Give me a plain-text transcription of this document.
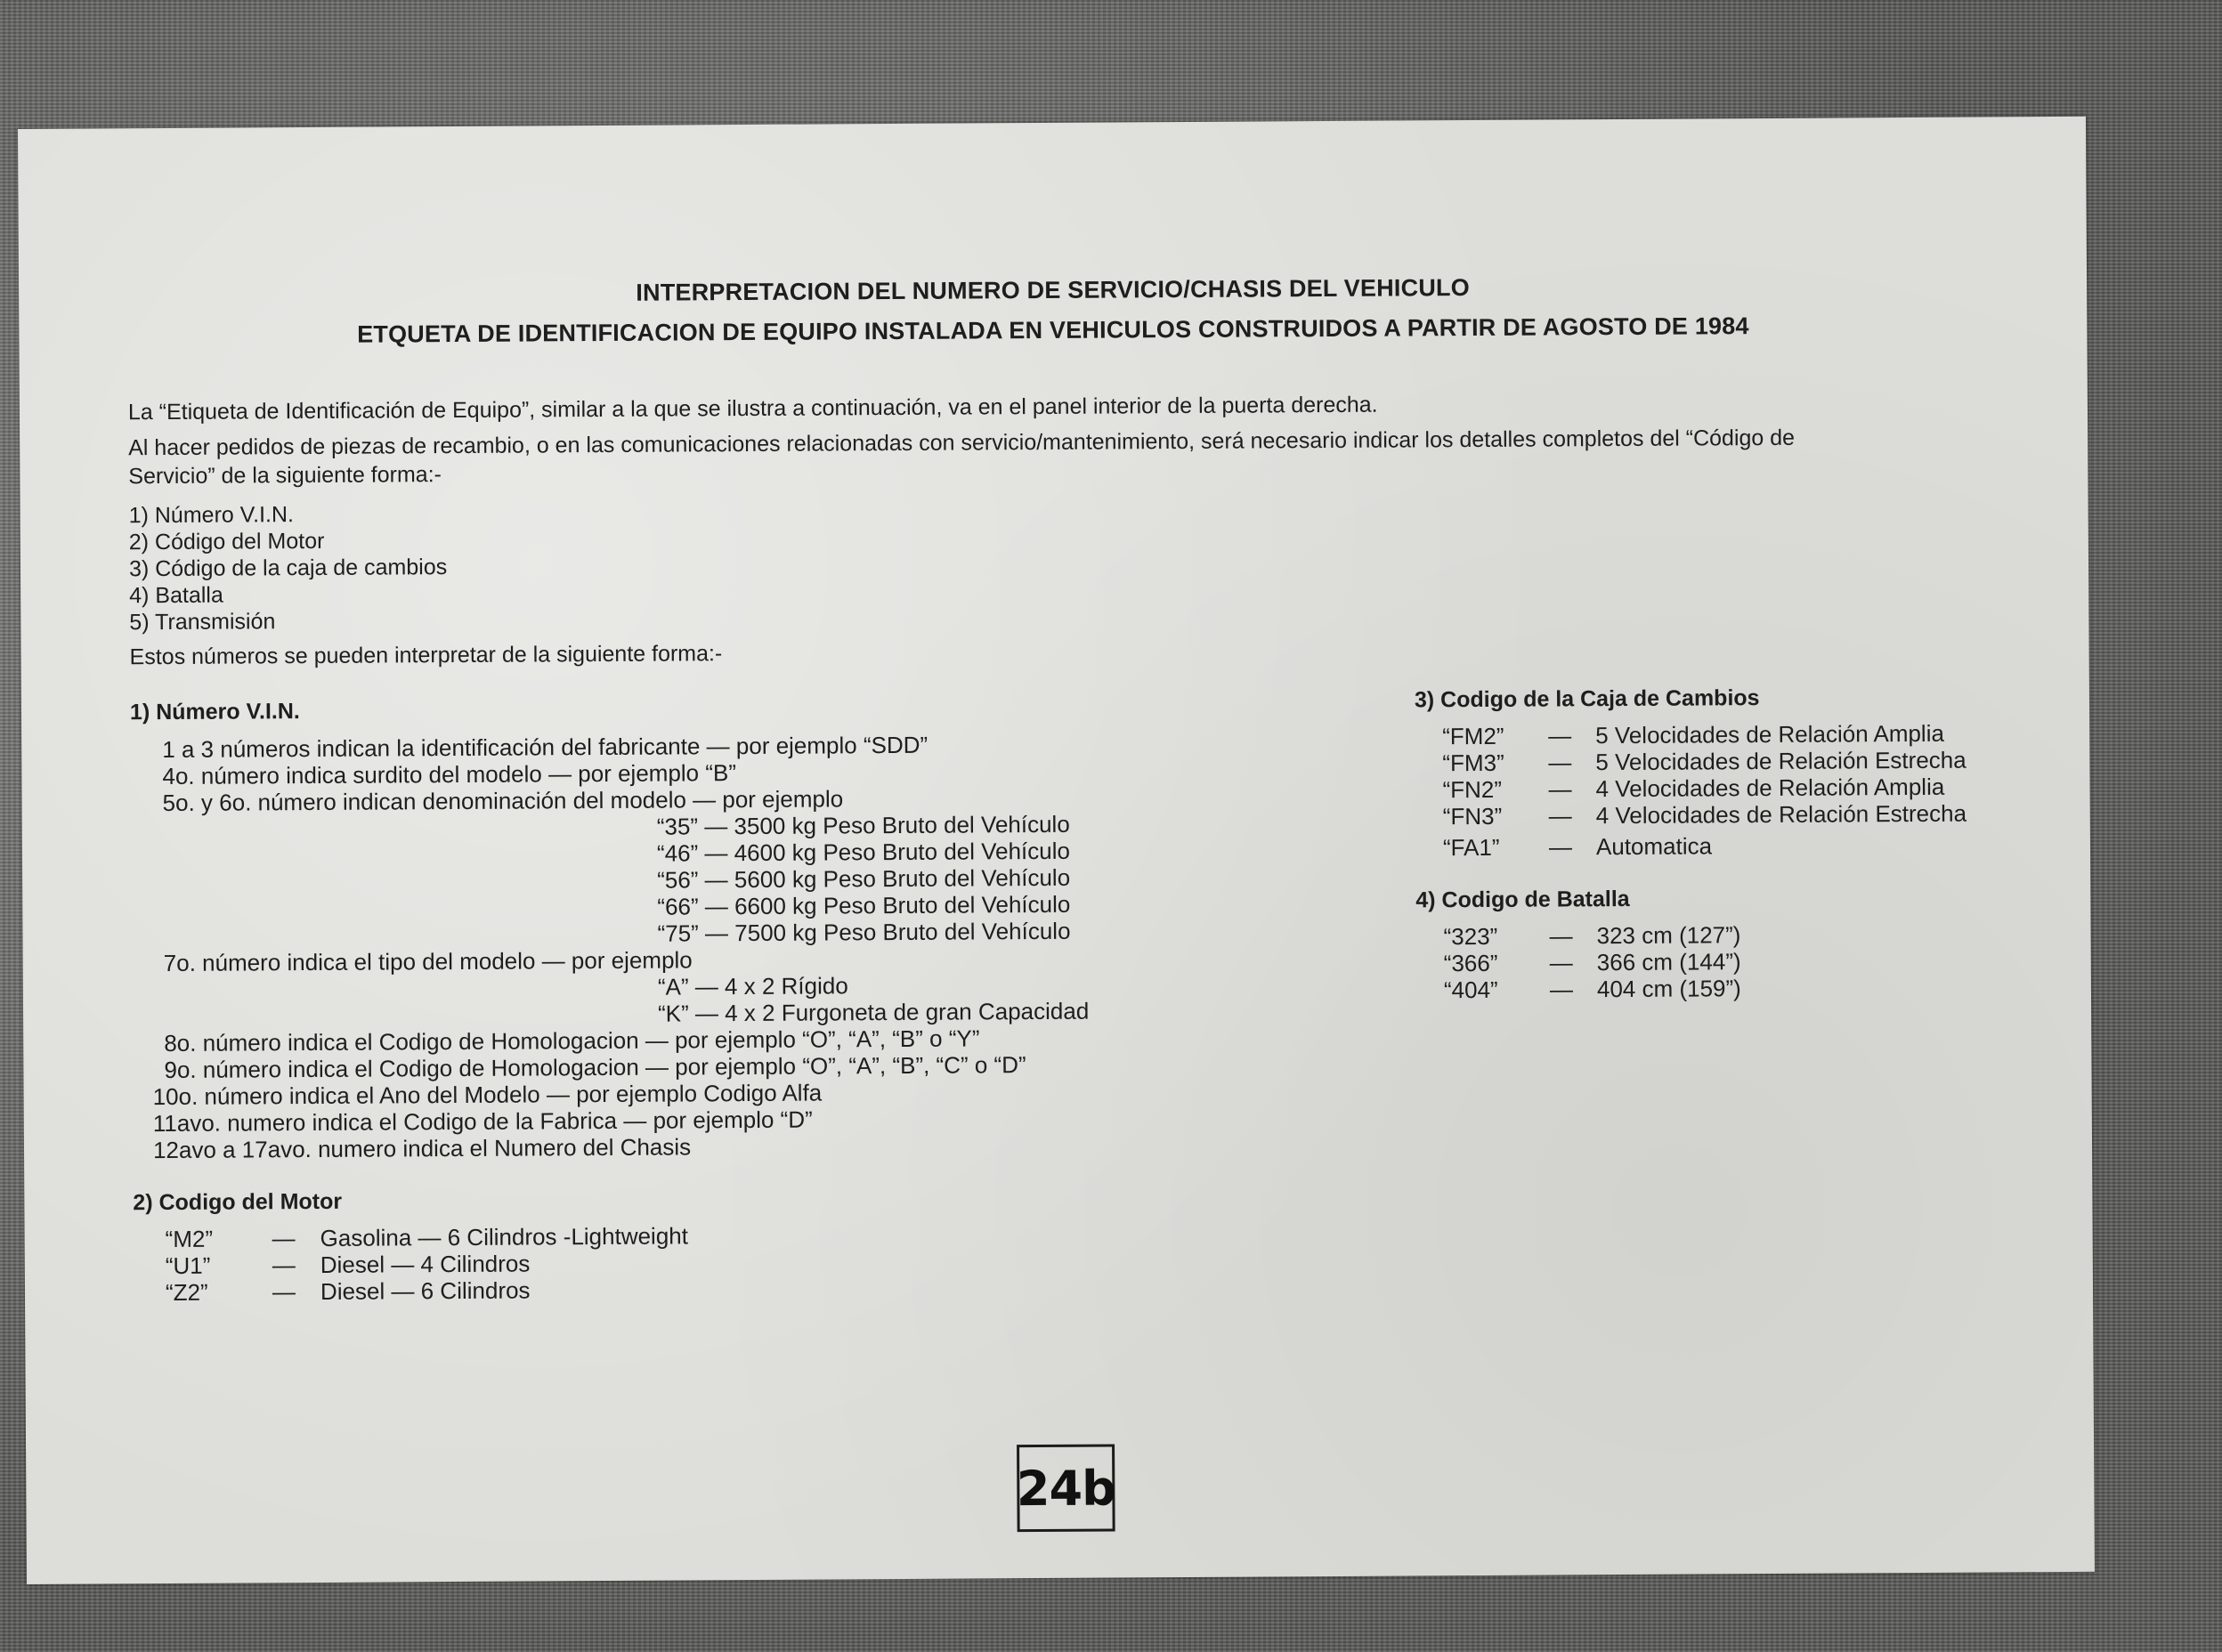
INTERPRETACION DEL NUMERO DE SERVICIO/CHASIS DEL VEHICULO
ETQUETA DE IDENTIFICACION DE EQUIPO INSTALADA EN VEHICULOS CONSTRUIDOS A PARTIR DE AGOSTO DE 1984
La “Etiqueta de Identificación de Equipo”, similar a la que se ilustra a continuación, va en el panel interior de la puerta derecha.
Al hacer pedidos de piezas de recambio, o en las comunicaciones relacionadas con servicio/mantenimiento, será necesario indicar los detalles completos del “Código de Servicio” de la siguiente forma:-
1) Número V.I.N.
2) Código del Motor
3) Código de la caja de cambios
4) Batalla
5) Transmisión
Estos números se pueden interpretar de la siguiente forma:-
1) Número V.I.N.
1 a 3 números indican la identificación del fabricante — por ejemplo “SDD”
4o. número indica surdito del modelo — por ejemplo “B”
5o. y 6o. número indican denominación del modelo — por ejemplo
“35” — 3500 kg Peso Bruto del Vehículo
“46” — 4600 kg Peso Bruto del Vehículo
“56” — 5600 kg Peso Bruto del Vehículo
“66” — 6600 kg Peso Bruto del Vehículo
“75” — 7500 kg Peso Bruto del Vehículo
7o. número indica el tipo del modelo — por ejemplo
“A” — 4 x 2 Rígido
“K” — 4 x 2 Furgoneta de gran Capacidad
8o. número indica el Codigo de Homologacion — por ejemplo “O”, “A”, “B” o “Y”
9o. número indica el Codigo de Homologacion — por ejemplo “O”, “A”, “B”, “C” o “D”
10o. número indica el Ano del Modelo — por ejemplo Codigo Alfa
11avo. numero indica el Codigo de la Fabrica — por ejemplo “D”
12avo a 17avo. numero indica el Numero del Chasis
2) Codigo del Motor
“M2”	— Gasolina — 6 Cilindros -Lightweight
“U1”	— Diesel — 4 Cilindros
“Z2”	— Diesel — 6 Cilindros
3) Codigo de la Caja de Cambios
“FM2” — 5 Velocidades de Relación Amplia
“FM3” — 5 Velocidades de Relación Estrecha
“FN2” — 4 Velocidades de Relación Amplia
“FN3” — 4 Velocidades de Relación Estrecha
“FA1” — Automatica
4) Codigo de Batalla
“323” — 323 cm (127”)
“366” — 366 cm (144”)
“404” — 404 cm (159”)
24b
